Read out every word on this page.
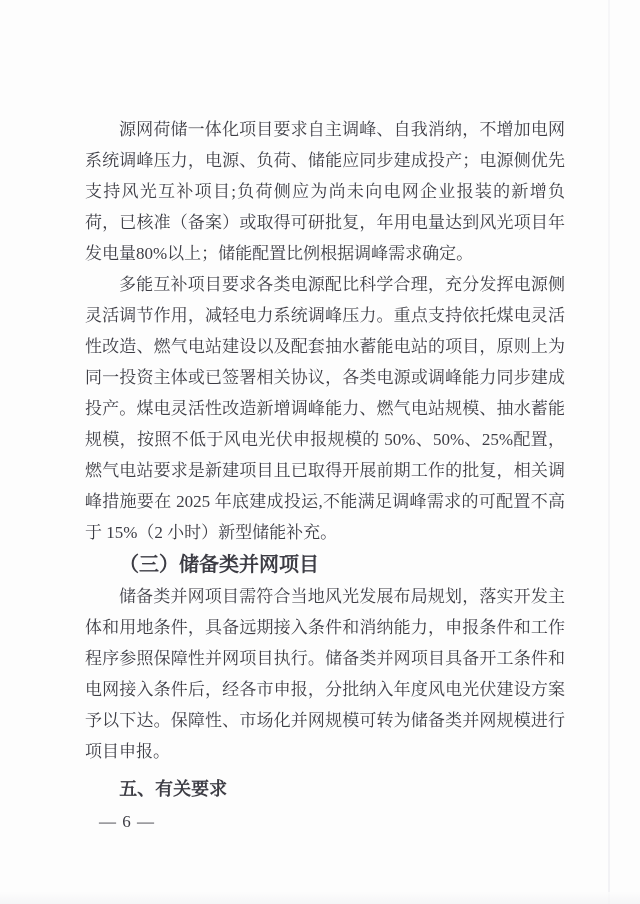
源网荷储一体化项目要求自主调峰、自我消纳，不增加电网系统调峰压力，电源、负荷、储能应同步建成投产；电源侧优先支持风光互补项目;负荷侧应为尚未向电网企业报装的新增负荷，已核准（备案）或取得可研批复，年用电量达到风光项目年发电量80%以上；储能配置比例根据调峰需求确定。

多能互补项目要求各类电源配比科学合理，充分发挥电源侧灵活调节作用，减轻电力系统调峰压力。重点支持依托煤电灵活性改造、燃气电站建设以及配套抽水蓄能电站的项目，原则上为同一投资主体或已签署相关协议，各类电源或调峰能力同步建成投产。煤电灵活性改造新增调峰能力、燃气电站规模、抽水蓄能规模，按照不低于风电光伏申报规模的 50%、50%、25%配置，燃气电站要求是新建项目且已取得开展前期工作的批复，相关调峰措施要在 2025 年底建成投运,不能满足调峰需求的可配置不高于 15%（2 小时）新型储能补充。

（三）储备类并网项目

储备类并网项目需符合当地风光发展布局规划，落实开发主体和用地条件，具备远期接入条件和消纳能力，申报条件和工作程序参照保障性并网项目执行。储备类并网项目具备开工条件和电网接入条件后，经各市申报，分批纳入年度风电光伏建设方案予以下达。保障性、市场化并网规模可转为储备类并网规模进行项目申报。

五、有关要求

— 6 —
